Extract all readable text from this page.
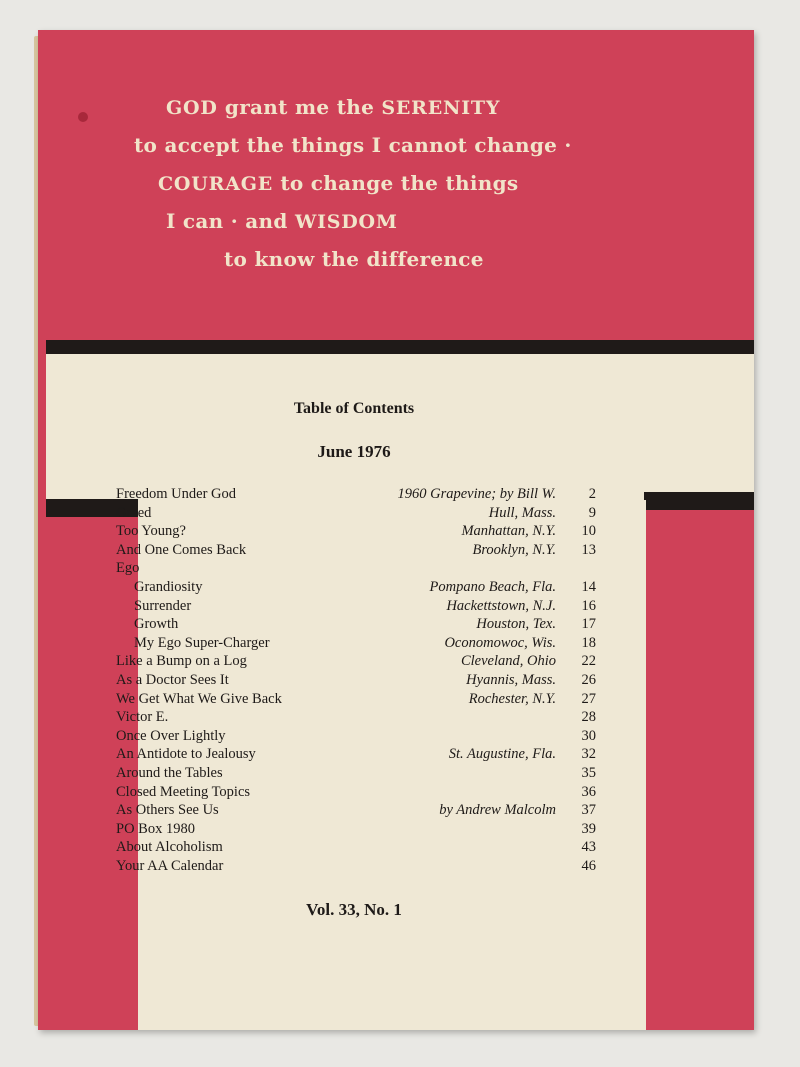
GOD grant me the SERENITY
to accept the things I cannot change ·
COURAGE to change the things
I can · and WISDOM
to know the difference
Table of Contents
June 1976
Freedom Under God	1960 Grapevine; by Bill W.	2
Greed	Hull, Mass.	9
Too Young?	Manhattan, N.Y.	10
And One Comes Back	Brooklyn, N.Y.	13
Ego
Grandiosity	Pompano Beach, Fla.	14
Surrender	Hackettstown, N.J.	16
Growth	Houston, Tex.	17
My Ego Super-Charger	Oconomowoc, Wis.	18
Like a Bump on a Log	Cleveland, Ohio	22
As a Doctor Sees It	Hyannis, Mass.	26
We Get What We Give Back	Rochester, N.Y.	27
Victor E.	28
Once Over Lightly	30
An Antidote to Jealousy	St. Augustine, Fla.	32
Around the Tables	35
Closed Meeting Topics	36
As Others See Us	by Andrew Malcolm	37
PO Box 1980	39
About Alcoholism	43
Your AA Calendar	46
Vol. 33, No. 1
